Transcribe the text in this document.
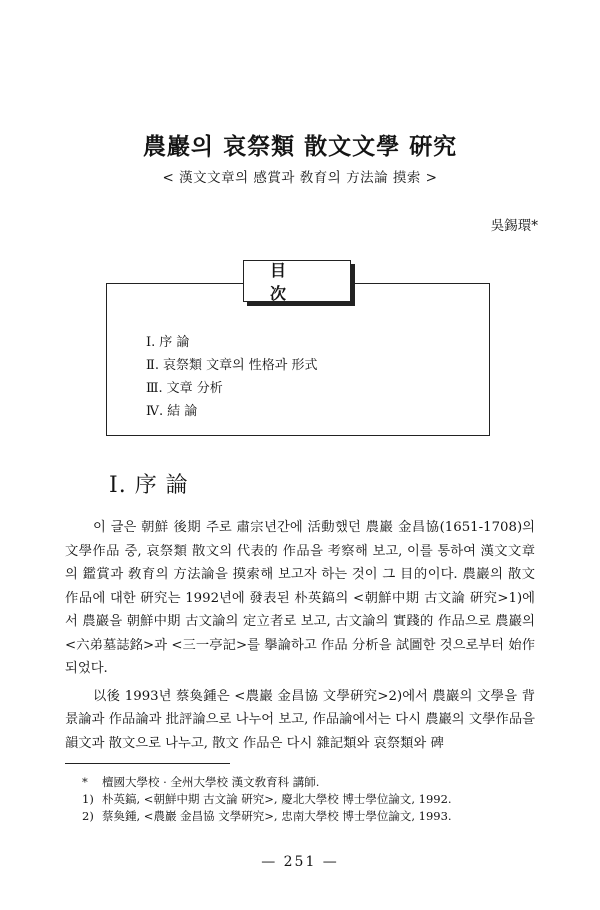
農巖의 哀祭類 散文文學 硏究
< 漢文文章의 感賞과 敎育의 方法論 摸索 >
吳錫環*
目次
Ⅰ. 序 論
Ⅱ. 哀祭類 文章의 性格과 形式
Ⅲ. 文章 分析
Ⅳ. 結 論
Ⅰ. 序 論

이 글은 朝鮮 後期 주로 肅宗년간에 活動했던 農巖 金昌協(1651-1708)의 文學作品 중, 哀祭類 散文의 代表的 作品을 考察해 보고, 이를 통하여 漢文文章의 鑑賞과 敎育의 方法論을 摸索해 보고자 하는 것이 그 目的이다. 農巖의 散文 作品에 대한 硏究는 1992년에 發表된 朴英鎬의 <朝鮮中期 古文論 硏究>1)에서 農巖을 朝鮮中期 古文論의 定立者로 보고, 古文論의 實踐的 作品으로 農巖의 <六弟墓誌銘>과 <三一亭記>를 擧論하고 作品 分析을 試圖한 것으로부터 始作되었다.

以後 1993년 蔡奐鍾은 <農巖 金昌協 文學硏究>2)에서 農巖의 文學을 背景論과 作品論과 批評論으로 나누어 보고, 作品論에서는 다시 農巖의 文學作品을 韻文과 散文으로 나누고, 散文 作品은 다시 雜記類와 哀祭類와 碑

* 檀國大學校 · 全州大學校 漢文敎育科 講師.
1) 朴英鎬, <朝鮮中期 古文論 硏究>, 慶北大學校 博士學位論文, 1992.
2) 蔡奐鍾, <農巖 金昌協 文學硏究>, 忠南大學校 博士學位論文, 1993.
— 251 —
